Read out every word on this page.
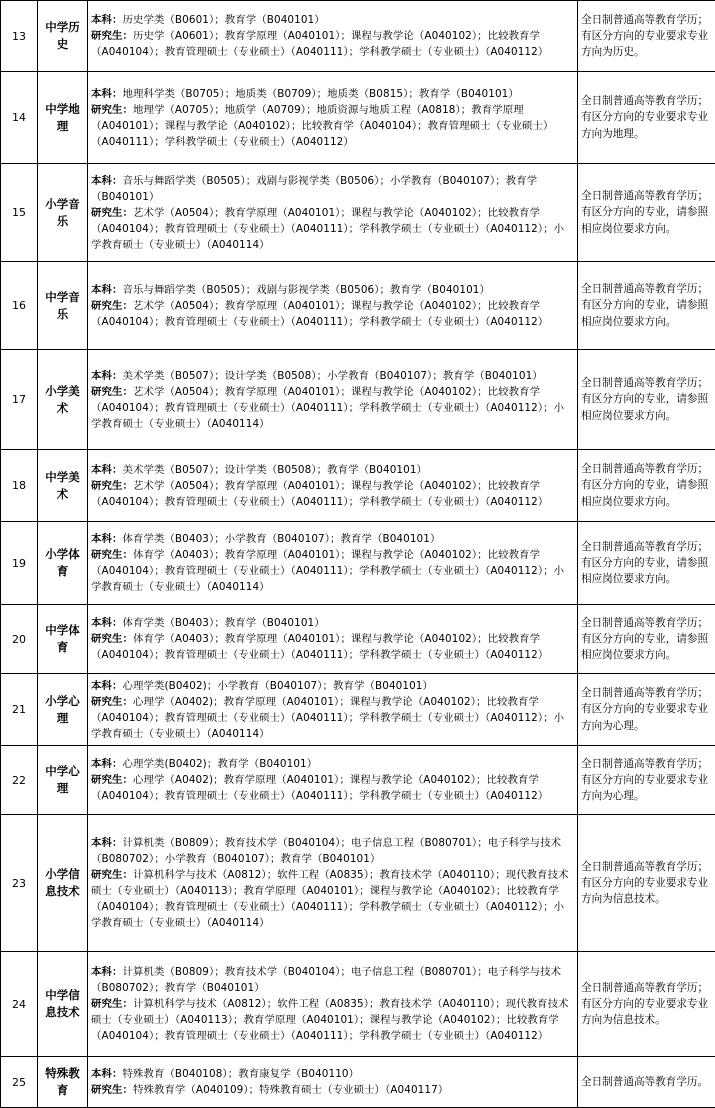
13	中学历史	本科：历史学类（B0601）；教育学（B040101）
研究生：历史学（A0601）；教育学原理（A040101）；课程与教学论（A040102）；比较教育学（A040104）；教育管理硕士（专业硕士）（A040111）；学科教学硕士（专业硕士）（A040112）	全日制普通高等教育学历；有区分方向的专业要求专业方向为历史。
14	中学地理	本科：地理科学类（B0705）；地质类（B0709）；地质类（B0815）；教育学（B040101）
研究生：地理学（A0705）；地质学（A0709）；地质资源与地质工程（A0818）；教育学原理（A040101）；课程与教学论（A040102）；比较教育学（A040104）；教育管理硕士（专业硕士）（A040111）；学科教学硕士（专业硕士）（A040112）	全日制普通高等教育学历；有区分方向的专业要求专业方向为地理。
15	小学音乐	本科：音乐与舞蹈学类（B0505）；戏剧与影视学类（B0506）；小学教育（B040107）；教育学（B040101）
研究生：艺术学（A0504）；教育学原理（A040101）；课程与教学论（A040102）；比较教育学（A040104）；教育管理硕士（专业硕士）（A040111）；学科教学硕士（专业硕士）（A040112）；小学教育硕士（专业硕士）（A040114）	全日制普通高等教育学历；有区分方向的专业，请参照相应岗位要求方向。
16	中学音乐	本科：音乐与舞蹈学类（B0505）；戏剧与影视学类（B0506）；教育学（B040101）
研究生：艺术学（A0504）；教育学原理（A040101）；课程与教学论（A040102）；比较教育学（A040104）；教育管理硕士（专业硕士）（A040111）；学科教学硕士（专业硕士）（A040112）	全日制普通高等教育学历；有区分方向的专业，请参照相应岗位要求方向。
17	小学美术	本科：美术学类（B0507）；设计学类（B0508）；小学教育（B040107）；教育学（B040101）
研究生：艺术学（A0504）；教育学原理（A040101）；课程与教学论（A040102）；比较教育学（A040104）；教育管理硕士（专业硕士）（A040111）；学科教学硕士（专业硕士）（A040112）；小学教育硕士（专业硕士）（A040114）	全日制普通高等教育学历；有区分方向的专业，请参照相应岗位要求方向。
18	中学美术	本科：美术学类（B0507）；设计学类（B0508）；教育学（B040101）
研究生：艺术学（A0504）；教育学原理（A040101）；课程与教学论（A040102）；比较教育学（A040104）；教育管理硕士（专业硕士）（A040111）；学科教学硕士（专业硕士）（A040112）	全日制普通高等教育学历；有区分方向的专业，请参照相应岗位要求方向。
19	小学体育	本科：体育学类（B0403）；小学教育（B040107）；教育学（B040101）
研究生：体育学（A0403）；教育学原理（A040101）；课程与教学论（A040102）；比较教育学（A040104）；教育管理硕士（专业硕士）（A040111）；学科教学硕士（专业硕士）（A040112）；小学教育硕士（专业硕士）（A040114）	全日制普通高等教育学历；有区分方向的专业，请参照相应岗位要求方向。
20	中学体育	本科：体育学类（B0403）；教育学（B040101）
研究生：体育学（A0403）；教育学原理（A040101）；课程与教学论（A040102）；比较教育学（A040104）；教育管理硕士（专业硕士）（A040111）；学科教学硕士（专业硕士）（A040112）	全日制普通高等教育学历；有区分方向的专业，请参照相应岗位要求方向。
21	小学心理	本科：心理学类(B0402)；小学教育（B040107）；教育学（B040101）
研究生：心理学（A0402)；教育学原理（A040101）；课程与教学论（A040102）；比较教育学（A040104）；教育管理硕士（专业硕士）（A040111）；学科教学硕士（专业硕士）（A040112）；小学教育硕士（专业硕士）（A040114）	全日制普通高等教育学历；有区分方向的专业要求专业方向为心理。
22	中学心理	本科：心理学类(B0402)；教育学（B040101）
研究生：心理学（A0402)；教育学原理（A040101）；课程与教学论（A040102）；比较教育学（A040104）；教育管理硕士（专业硕士）（A040111）；学科教学硕士（专业硕士）（A040112）	全日制普通高等教育学历；有区分方向的专业要求专业方向为心理。
23	小学信息技术	本科：计算机类（B0809）；教育技术学（B040104）；电子信息工程（B080701）；电子科学与技术（B080702）；小学教育（B040107）；教育学（B040101）
研究生：计算机科学与技术（A0812）；软件工程（A0835）；教育技术学（A040110）；现代教育技术硕士（专业硕士）（A040113）；教育学原理（A040101）；课程与教学论（A040102）；比较教育学（A040104）；教育管理硕士（专业硕士）（A040111）；学科教学硕士（专业硕士）（A040112）；小学教育硕士（专业硕士）（A040114）	全日制普通高等教育学历；有区分方向的专业要求专业方向为信息技术。
24	中学信息技术	本科：计算机类（B0809）；教育技术学（B040104）；电子信息工程（B080701）；电子科学与技术（B080702）；教育学（B040101）
研究生：计算机科学与技术（A0812）；软件工程（A0835）；教育技术学（A040110）；现代教育技术硕士（专业硕士）（A040113）；教育学原理（A040101）；课程与教学论（A040102）；比较教育学（A040104）；教育管理硕士（专业硕士）（A040111）；学科教学硕士（专业硕士）（A040112）	全日制普通高等教育学历；有区分方向的专业要求专业方向为信息技术。
25	特殊教育	本科：特殊教育（B040108）；教育康复学（B040110）
研究生：特殊教育学（A040109）；特殊教育硕士（专业硕士）（A040117）	全日制普通高等教育学历。
